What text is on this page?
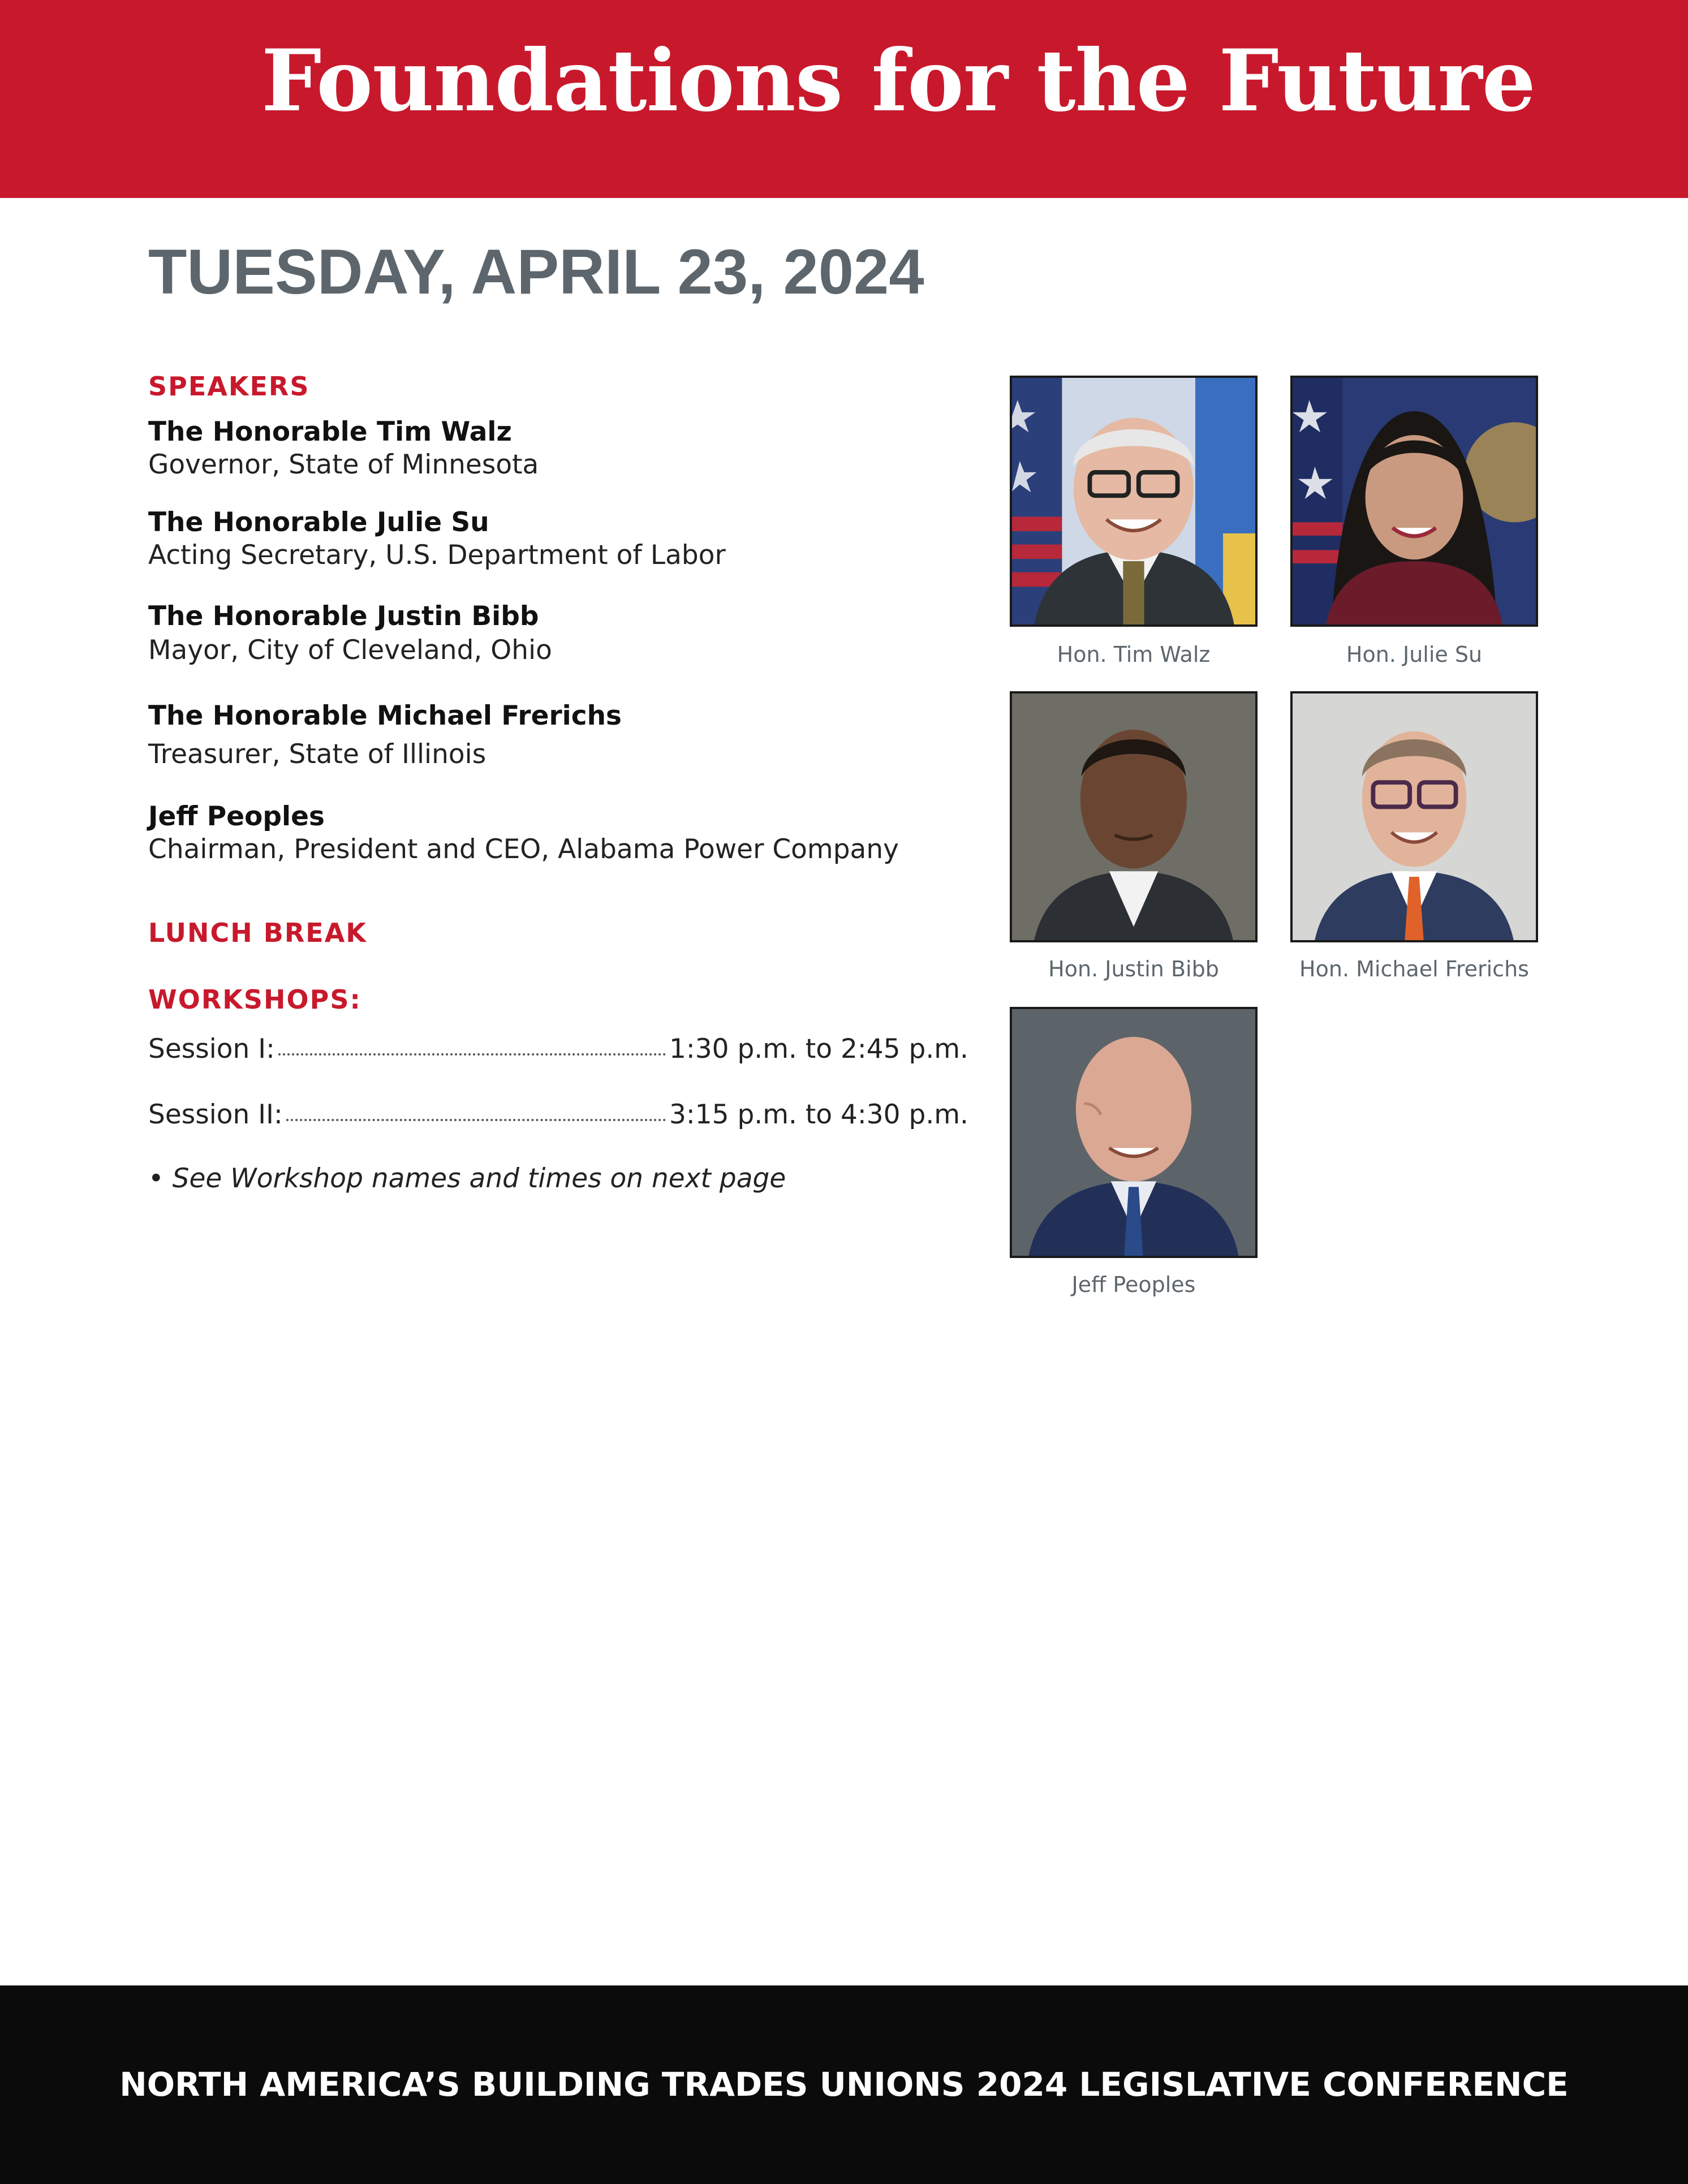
Foundations for the Future
TUESDAY, APRIL 23, 2024
SPEAKERS
The Honorable Tim Walz
Governor, State of Minnesota
The Honorable Julie Su
Acting Secretary, U.S. Department of Labor
The Honorable Justin Bibb
Mayor, City of Cleveland, Ohio
The Honorable Michael Frerichs
Treasurer, State of Illinois
Jeff Peoples
Chairman, President and CEO, Alabama Power Company
LUNCH BREAK
WORKSHOPS:
Session I:	1:30 p.m. to 2:45 p.m.
Session II:	3:15 p.m. to 4:30 p.m.
• See Workshop names and times on next page
Hon. Tim Walz	Hon. Julie Su
Hon. Justin Bibb	Hon. Michael Frerichs
Jeff Peoples
NORTH AMERICA’S BUILDING TRADES UNIONS 2024 LEGISLATIVE CONFERENCE
